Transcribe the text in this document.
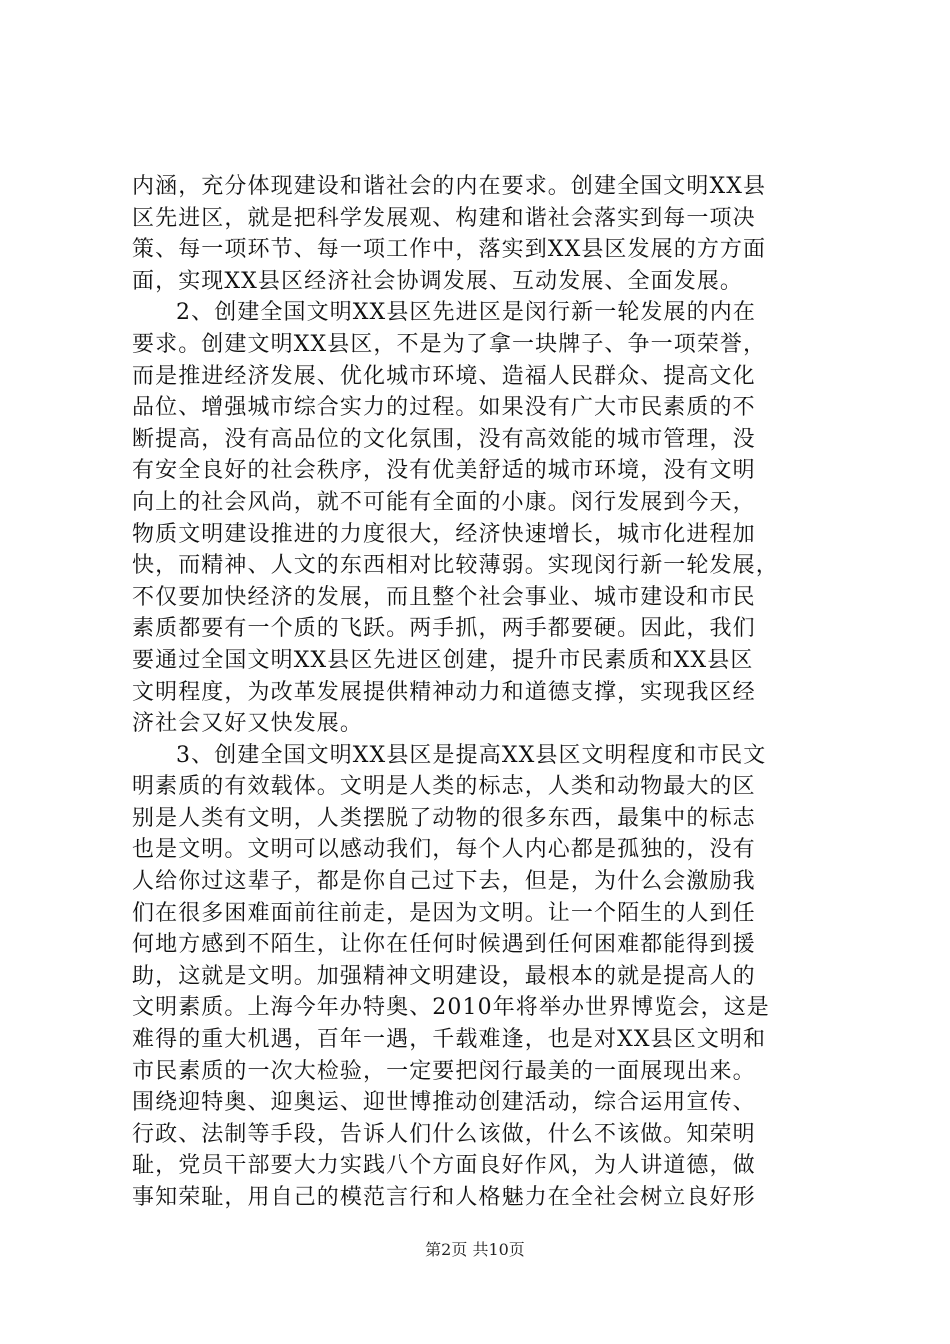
内涵，充分体现建设和谐社会的内在要求。创建全国文明XX县
区先进区，就是把科学发展观、构建和谐社会落实到每一项决
策、每一项环节、每一项工作中，落实到XX县区发展的方方面
面，实现XX县区经济社会协调发展、互动发展、全面发展。
2、创建全国文明XX县区先进区是闵行新一轮发展的内在
要求。创建文明XX县区，不是为了拿一块牌子、争一项荣誉，
而是推进经济发展、优化城市环境、造福人民群众、提高文化
品位、增强城市综合实力的过程。如果没有广大市民素质的不
断提高，没有高品位的文化氛围，没有高效能的城市管理，没
有安全良好的社会秩序，没有优美舒适的城市环境，没有文明
向上的社会风尚，就不可能有全面的小康。闵行发展到今天，
物质文明建设推进的力度很大，经济快速增长，城市化进程加
快，而精神、人文的东西相对比较薄弱。实现闵行新一轮发展，
不仅要加快经济的发展，而且整个社会事业、城市建设和市民
素质都要有一个质的飞跃。两手抓，两手都要硬。因此，我们
要通过全国文明XX县区先进区创建，提升市民素质和XX县区
文明程度，为改革发展提供精神动力和道德支撑，实现我区经
济社会又好又快发展。
3、创建全国文明XX县区是提高XX县区文明程度和市民文
明素质的有效载体。文明是人类的标志，人类和动物最大的区
别是人类有文明，人类摆脱了动物的很多东西，最集中的标志
也是文明。文明可以感动我们，每个人内心都是孤独的，没有
人给你过这辈子，都是你自己过下去，但是，为什么会激励我
们在很多困难面前往前走，是因为文明。让一个陌生的人到任
何地方感到不陌生，让你在任何时候遇到任何困难都能得到援
助，这就是文明。加强精神文明建设，最根本的就是提高人的
文明素质。上海今年办特奥、2010年将举办世界博览会，这是
难得的重大机遇，百年一遇，千载难逢，也是对XX县区文明和
市民素质的一次大检验，一定要把闵行最美的一面展现出来。
围绕迎特奥、迎奥运、迎世博推动创建活动，综合运用宣传、
行政、法制等手段，告诉人们什么该做，什么不该做。知荣明
耻，党员干部要大力实践八个方面良好作风，为人讲道德，做
事知荣耻，用自己的模范言行和人格魅力在全社会树立良好形
第2页 共10页
